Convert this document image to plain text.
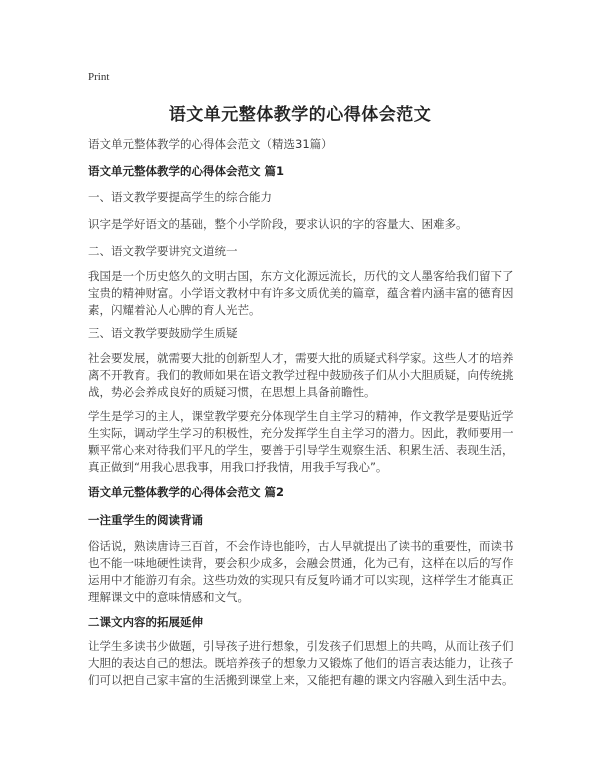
Print
语文单元整体教学的心得体会范文
语文单元整体教学的心得体会范文（精选31篇）
语文单元整体教学的心得体会范文 篇1
一、语文教学要提高学生的综合能力
识字是学好语文的基础，整个小学阶段，要求认识的字的容量大、困难多。
二、语文教学要讲究文道统一
我国是一个历史悠久的文明古国，东方文化源远流长，历代的文人墨客给我们留下了宝贵的精神财富。小学语文教材中有许多文质优美的篇章，蕴含着内涵丰富的德育因素，闪耀着沁人心脾的育人光芒。
三、语文教学要鼓励学生质疑
社会要发展，就需要大批的创新型人才，需要大批的质疑式科学家。这些人才的培养离不开教育。我们的教师如果在语文教学过程中鼓励孩子们从小大胆质疑，向传统挑战，势必会养成良好的质疑习惯，在思想上具备前瞻性。
学生是学习的主人，课堂教学要充分体现学生自主学习的精神，作文教学是要贴近学生实际，调动学生学习的积极性，充分发挥学生自主学习的潜力。因此，教师要用一颗平常心来对待我们平凡的学生，要善于引导学生观察生活、积累生活、表现生活，真正做到“用我心思我事，用我口抒我情，用我手写我心”。
语文单元整体教学的心得体会范文 篇2
一注重学生的阅读背诵
俗话说，熟读唐诗三百首，不会作诗也能吟，古人早就提出了读书的重要性，而读书也不能一味地硬性读背，要会积少成多，会融会贯通，化为己有，这样在以后的写作运用中才能游刃有余。这些功效的实现只有反复吟诵才可以实现，这样学生才能真正理解课文中的意味情感和文气。
二课文内容的拓展延伸
让学生多读书少做题，引导孩子进行想象，引发孩子们思想上的共鸣，从而让孩子们大胆的表达自己的想法。既培养孩子的想象力又锻炼了他们的语言表达能力，让孩子们可以把自己家丰富的生活搬到课堂上来，又能把有趣的课文内容融入到生活中去。
